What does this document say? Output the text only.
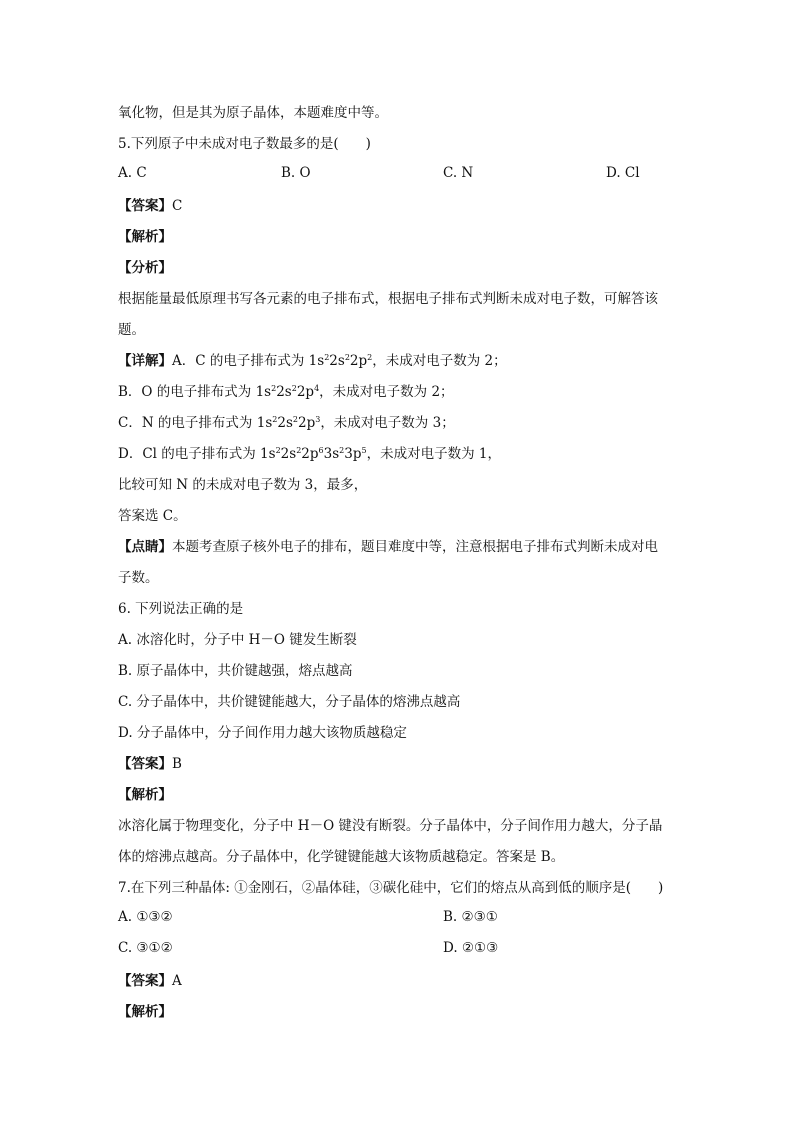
氧化物，但是其为原子晶体，本题难度中等。
5.下列原子中未成对电子数最多的是(　　)
A. C	B. O	C. N	D. Cl
【答案】C
【解析】
【分析】
根据能量最低原理书写各元素的电子排布式，根据电子排布式判断未成对电子数，可解答该
题。
【详解】A．C 的电子排布式为 $1s^22s^22p^2$，未成对电子数为 2；
B．O 的电子排布式为 $1s^22s^22p^4$，未成对电子数为 2；
C．N 的电子排布式为 $1s^22s^22p^3$，未成对电子数为 3；
D．Cl 的电子排布式为 $1s^22s^22p^63s^23p^5$，未成对电子数为 1，
比较可知 N 的未成对电子数为 3，最多，
答案选 C。
【点睛】本题考查原子核外电子的排布，题目难度中等，注意根据电子排布式判断未成对电
子数。
6. 下列说法正确的是
A. 冰溶化时，分子中 H－O 键发生断裂
B. 原子晶体中，共价键越强，熔点越高
C. 分子晶体中，共价键键能越大，分子晶体的熔沸点越高
D. 分子晶体中，分子间作用力越大该物质越稳定
【答案】B
【解析】
冰溶化属于物理变化，分子中 H－O 键没有断裂。分子晶体中，分子间作用力越大，分子晶
体的熔沸点越高。分子晶体中，化学键键能越大该物质越稳定。答案是 B。
7.在下列三种晶体: ①金刚石，②晶体硅，③碳化硅中，它们的熔点从高到低的顺序是(　　)
A. ①③②	B. ②③①
C. ③①②	D. ②①③
【答案】A
【解析】
